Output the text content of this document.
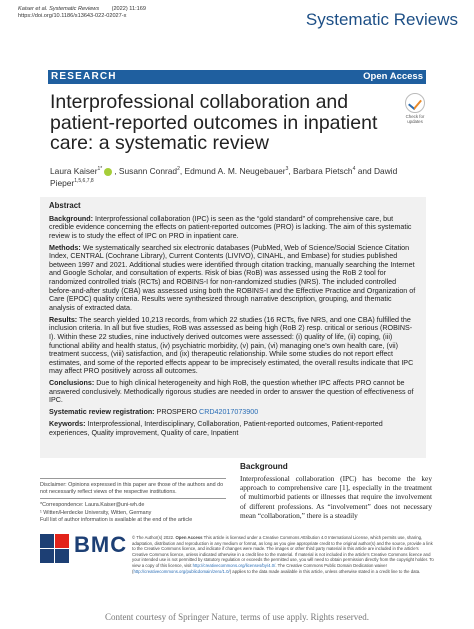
Kaiser et al. Systematic Reviews (2022) 11:169
https://doi.org/10.1186/s13643-022-02027-x	Systematic Reviews
RESEARCH	Open Access
Interprofessional collaboration and patient-reported outcomes in inpatient care: a systematic review
Check for updates
Laura Kaiser$^{1*}$ , Susann Conrad$^2$, Edmund A. M. Neugebauer$^3$, Barbara Pietsch$^4$ and Dawid Pieper$^{1,5,6,7,8}$
Abstract

Background: Interprofessional collaboration (IPC) is seen as the “gold standard” of comprehensive care, but credible evidence concerning the effects on patient-reported outcomes (PRO) is lacking. The aim of this systematic review is to study the effect of IPC on PRO in inpatient care.

Methods: We systematically searched six electronic databases (PubMed, Web of Science/Social Science Citation Index, CENTRAL (Cochrane Library), Current Contents (LIVIVO), CINAHL, and Embase) for studies published between 1997 and 2021. Additional studies were identified through citation tracking, manually searching the Internet and Google Scholar, and consultation of experts. Risk of bias (RoB) was assessed using the RoB 2 tool for randomized controlled trials (RCTs) and ROBINS-I for non-randomized studies (NRS). The included controlled before-and-after study (CBA) was assessed using both the ROBINS-I and the Effective Practice and Organization of Care (EPOC) quality criteria. Results were synthesized through narrative description, grouping, and thematic analysis of extracted data.

Results: The search yielded 10,213 records, from which 22 studies (16 RCTs, five NRS, and one CBA) fulfilled the inclusion criteria. In all but five studies, RoB was assessed as being high (RoB 2) resp. critical or serious (ROBINS-I). Within these 22 studies, nine inductively derived outcomes were assessed: (i) quality of life, (ii) coping, (iii) functional ability and health status, (iv) psychiatric morbidity, (v) pain, (vi) managing one’s own health care, (vii) treatment success, (viii) satisfaction, and (ix) therapeutic relationship. While some studies do not report effect estimates, and some of the reported effects appear to be imprecisely estimated, the overall results indicate that IPC may affect PRO positively across all outcomes.

Conclusions: Due to high clinical heterogeneity and high RoB, the question whether IPC affects PRO cannot be answered conclusively. Methodically rigorous studies are needed in order to answer the question of effectiveness of IPC.

Systematic review registration: PROSPERO CRD42017073900

Keywords: Interprofessional, Interdisciplinary, Collaboration, Patient-reported outcomes, Patient-reported experiences, Quality improvement, Quality of care, Inpatient

Disclaimer: Opinions expressed in this paper are those of the authors and do not necessarily reflect views of the respective institutions.

*Correspondence: Laura.Kaiser@uni-wh.de

¹ Witten/Herdecke University, Witten, Germany

Full list of author information is available at the end of the article

BMC
Background
Interprofessional collaboration (IPC) has become the key approach to comprehensive care [1], especially in the treatment of multimorbid patients or illnesses that require the involvement of different professions. As “involvement” does not necessary mean “collaboration,” there is a steadily
© The Author(s) 2022. Open Access This article is licensed under a Creative Commons Attribution 4.0 International License, which permits use, sharing, adaptation, distribution and reproduction in any medium or format, as long as you give appropriate credit to the original author(s) and the source, provide a link to the Creative Commons licence, and indicate if changes were made. The images or other third party material in this article are included in the article’s Creative Commons licence, unless indicated otherwise in a credit line to the material. If material is not included in the article’s Creative Commons licence and your intended use is not permitted by statutory regulation or exceeds the permitted use, you will need to obtain permission directly from the copyright holder. To view a copy of this licence, visit http://creativecommons.org/licenses/by/4.0/. The Creative Commons Public Domain Dedication waiver (http://creativecommons.org/publicdomain/zero/1.0/) applies to the data made available in this article, unless otherwise stated in a credit line to the data.
Content courtesy of Springer Nature, terms of use apply. Rights reserved.
